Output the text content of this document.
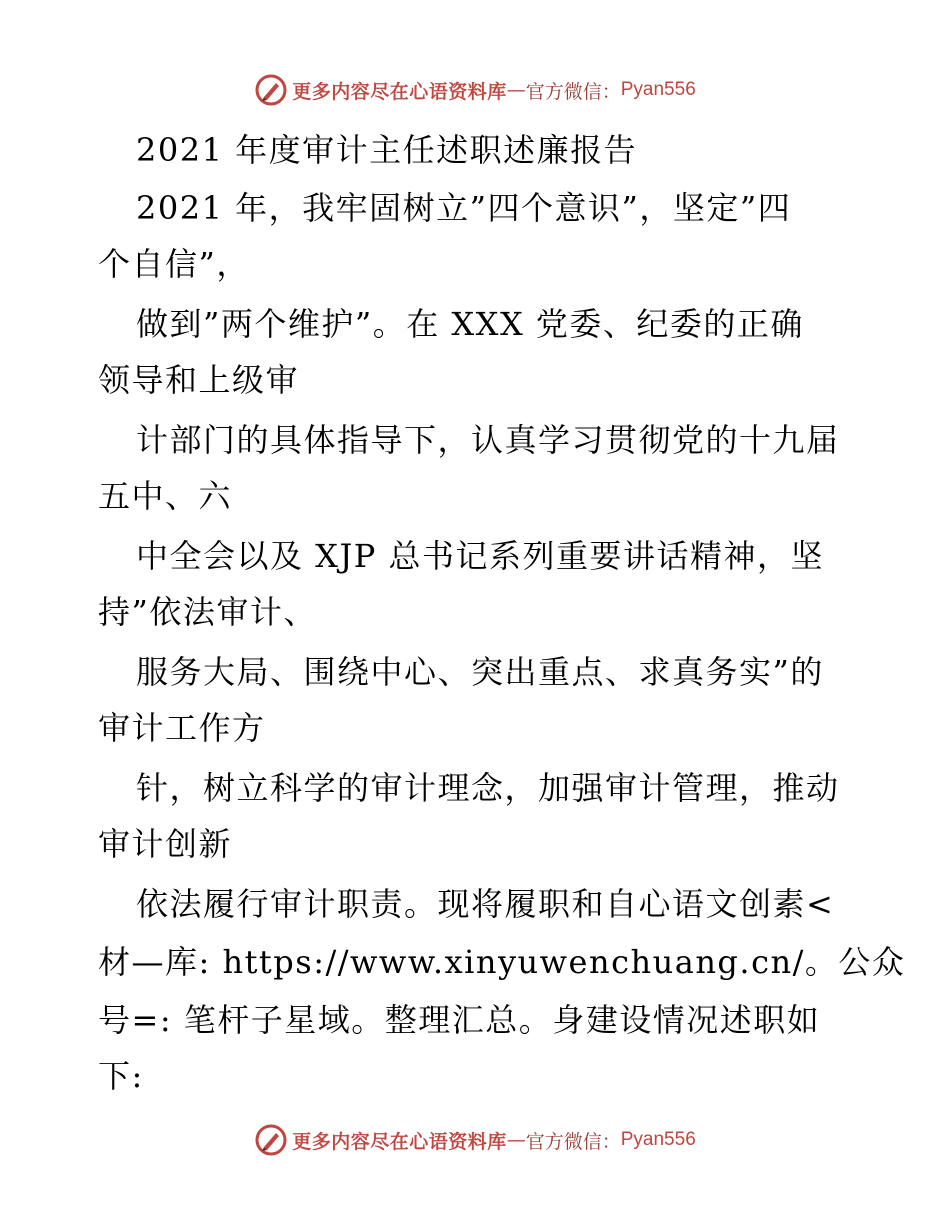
更多内容尽在心语资料库 — 官方微信： Pyan556
2021 年度审计主任述职述廉报告
2021 年，我牢固树立”四个意识”，坚定”四
个自信”，
做到”两个维护”。在 XXX 党委、纪委的正确
领导和上级审
计部门的具体指导下，认真学习贯彻党的十九届
五中、六
中全会以及 XJP 总书记系列重要讲话精神，坚
持”依法审计、
服务大局、围绕中心、突出重点、求真务实”的
审计工作方
针，树立科学的审计理念，加强审计管理，推动
审计创新
依法履行审计职责。现将履职和自心语文创素<
材—库: https://www.xinyuwenchuang.cn/。公众
号=: 笔杆子星域。整理汇总。身建设情况述职如
下:
更多内容尽在心语资料库 — 官方微信： Pyan556
